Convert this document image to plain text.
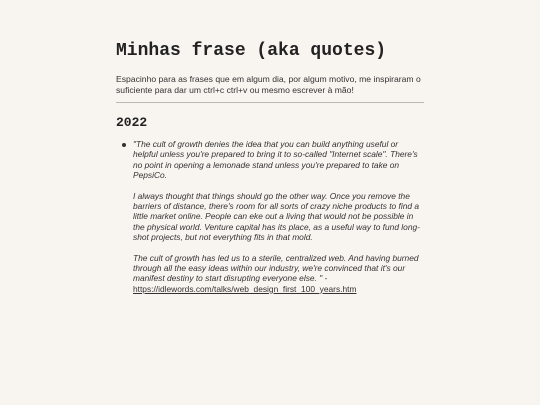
Minhas frase (aka quotes)

Espacinho para as frases que em algum dia, por algum motivo, me inspiraram o suficiente para dar um ctrl+c ctrl+v ou mesmo escrever à mão!

2022

"The cult of growth denies the idea that you can build anything useful or helpful unless you're prepared to bring it to so-called "Internet scale". There's no point in opening a lemonade stand unless you're prepared to take on PepsiCo.

I always thought that things should go the other way. Once you remove the barriers of distance, there's room for all sorts of crazy niche products to find a little market online. People can eke out a living that would not be possible in the physical world. Venture capital has its place, as a useful way to fund long-shot projects, but not everything fits in that mold.

The cult of growth has led us to a sterile, centralized web. And having burned through all the easy ideas within our industry, we're convinced that it's our manifest destiny to start disrupting everyone else. " -
https://idlewords.com/talks/web_design_first_100_years.htm
